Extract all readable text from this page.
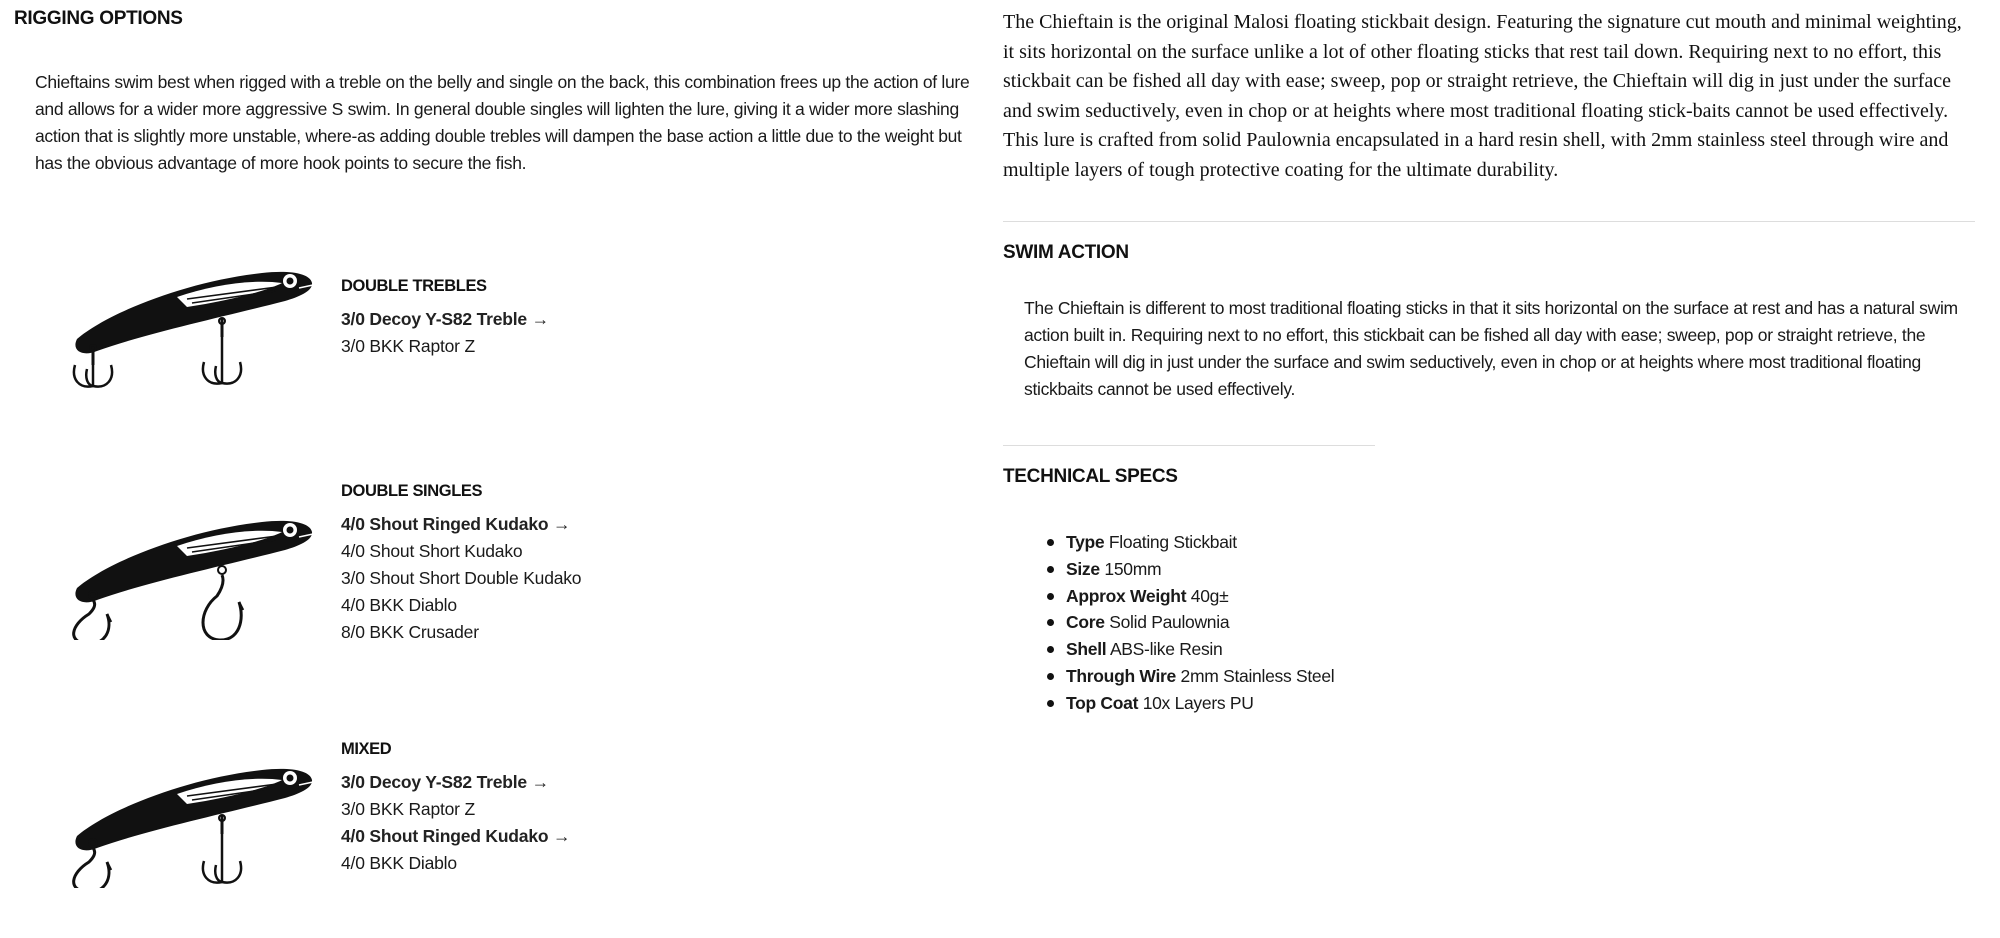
RIGGING OPTIONS

Chieftains swim best when rigged with a treble on the belly and single on the back, this combination frees up the action of lure and allows for a wider more aggressive S swim. In general double singles will lighten the lure, giving it a wider more slashing action that is slightly more unstable, where-as adding double trebles will dampen the base action a little due to the weight but has the obvious advantage of more hook points to secure the fish.

DOUBLE TREBLES
3/0 Decoy Y-S82 Treble →
3/0 BKK Raptor Z
DOUBLE SINGLES
4/0 Shout Ringed Kudako →
4/0 Shout Short Kudako
3/0 Shout Short Double Kudako
4/0 BKK Diablo
8/0 BKK Crusader
MIXED
3/0 Decoy Y-S82 Treble →
3/0 BKK Raptor Z
4/0 Shout Ringed Kudako →
4/0 BKK Diablo

The Chieftain is the original Malosi floating stickbait design. Featuring the signature cut mouth and minimal weighting, it sits horizontal on the surface unlike a lot of other floating sticks that rest tail down. Requiring next to no effort, this stickbait can be fished all day with ease; sweep, pop or straight retrieve, the Chieftain will dig in just under the surface and swim seductively, even in chop or at heights where most traditional floating stick-baits cannot be used effectively. This lure is crafted from solid Paulownia encapsulated in a hard resin shell, with 2mm stainless steel through wire and multiple layers of tough protective coating for the ultimate durability.

SWIM ACTION

The Chieftain is different to most traditional floating sticks in that it sits horizontal on the surface at rest and has a natural swim action built in. Requiring next to no effort, this stickbait can be fished all day with ease; sweep, pop or straight retrieve, the Chieftain will dig in just under the surface and swim seductively, even in chop or at heights where most traditional floating stickbaits cannot be used effectively.

TECHNICAL SPECS
Type Floating Stickbait
Size 150mm
Approx Weight 40g±
Core Solid Paulownia
Shell ABS-like Resin
Through Wire 2mm Stainless Steel
Top Coat 10x Layers PU
